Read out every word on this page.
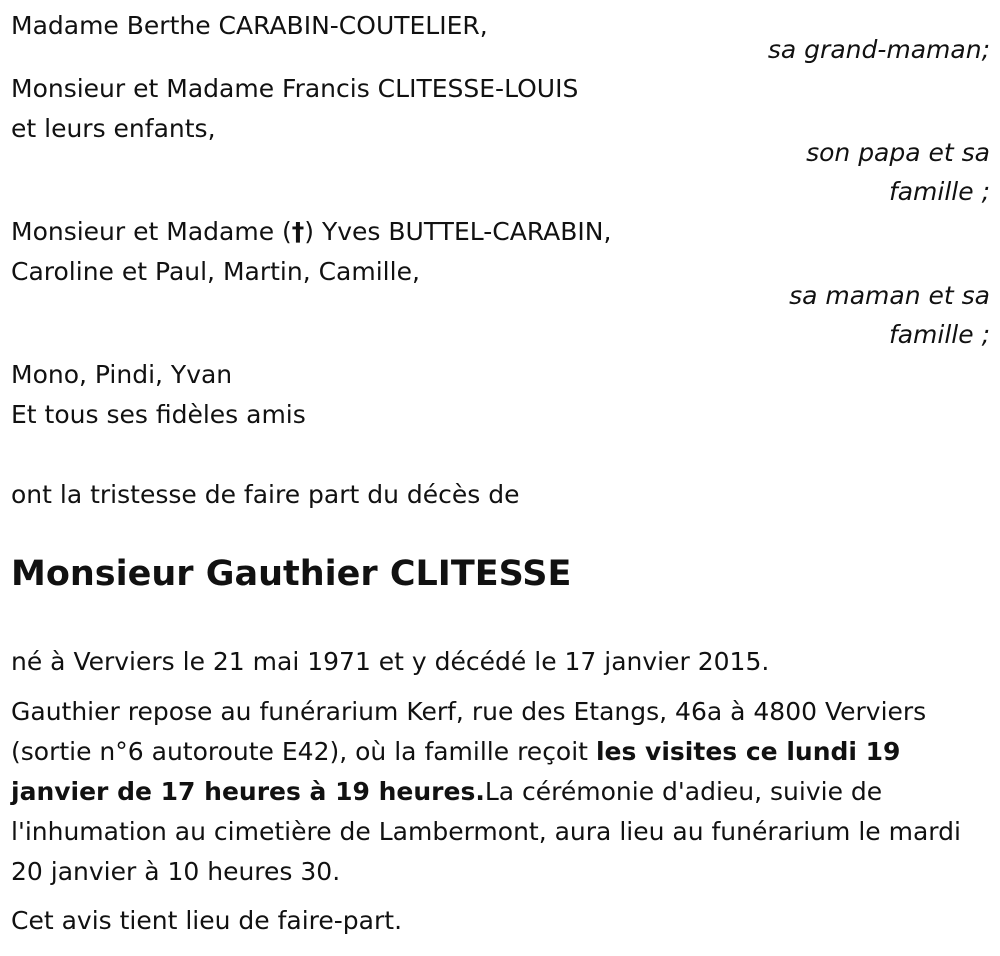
Madame Berthe CARABIN-COUTELIER,
sa grand-maman;
Monsieur et Madame Francis CLITESSE-LOUIS
et leurs enfants,
son papa et sa
famille ;
Monsieur et Madame (†) Yves BUTTEL-CARABIN,
Caroline et Paul, Martin, Camille,
sa maman et sa
famille ;
Mono, Pindi, Yvan
Et tous ses fidèles amis
ont la tristesse de faire part du décès de
Monsieur Gauthier CLITESSE
né à Verviers le 21 mai 1971 et y décédé le 17 janvier 2015.
Gauthier repose au funérarium Kerf, rue des Etangs, 46a à 4800 Verviers (sortie n°6 autoroute E42), où la famille reçoit les visites ce lundi 19 janvier de 17 heures à 19 heures.La cérémonie d'adieu, suivie de l'inhumation au cimetière de Lambermont, aura lieu au funérarium le mardi 20 janvier à 10 heures 30.
Cet avis tient lieu de faire-part.
